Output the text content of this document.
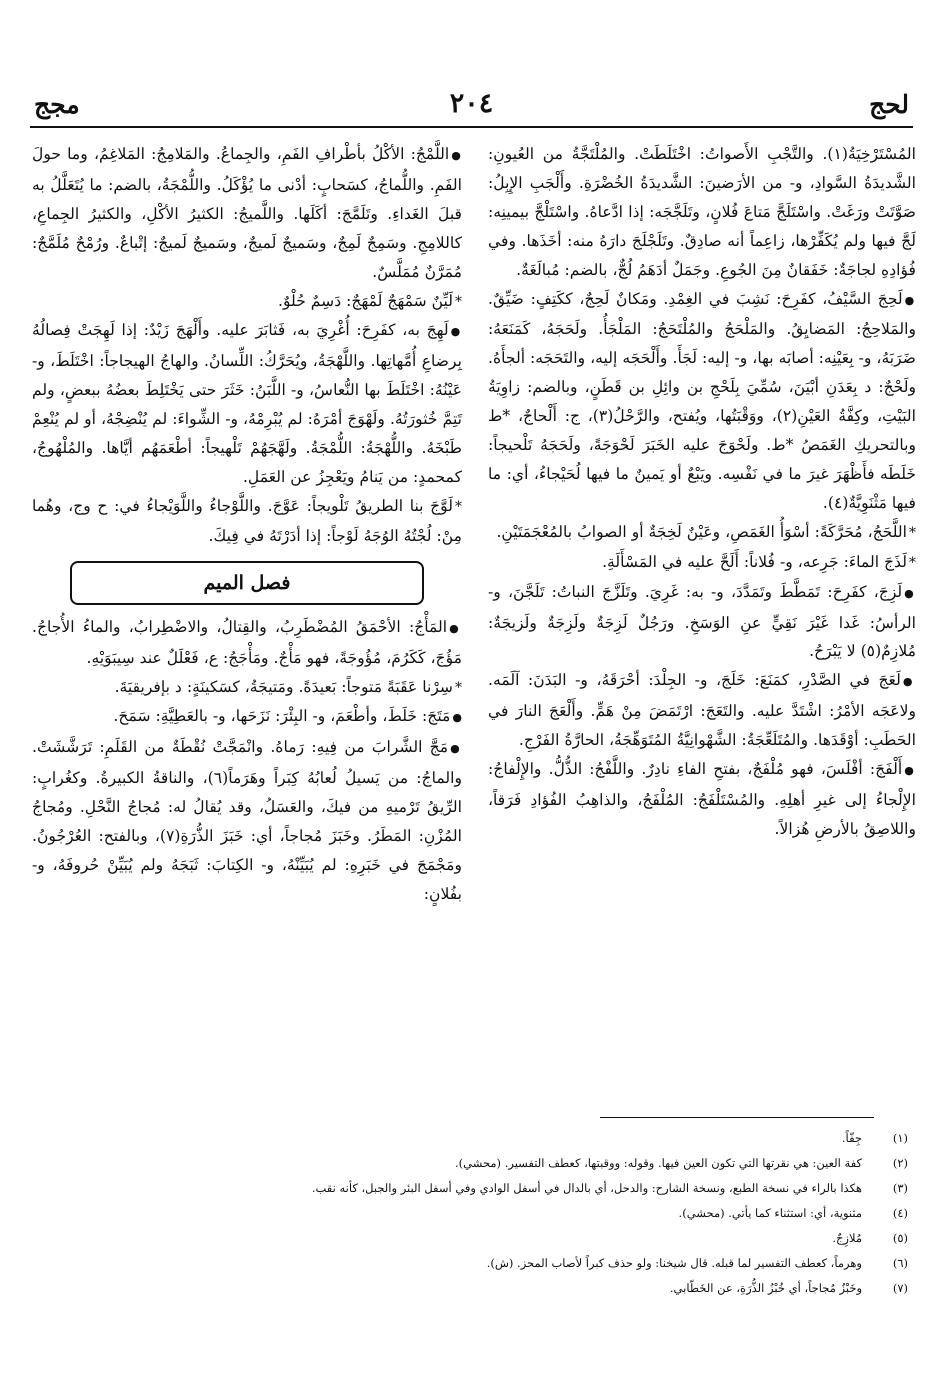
لحج
٢٠٤
مجج

المُسْتَرْخِيَةُ(١). والتَّجْبِ الأَصواتُ: اخْتَلَطَتْ. والمُلْتَجَّةُ من العُيونِ: الشَّديدَةُ السَّوادِ، و- من الأرَضينَ: الشَّديدَةُ الخُضْرَةِ. وأَلْجَبِ الإِبِلُ: صَوَّتَتْ ورَغَتْ. واسْتَلَجَّ مَتاعَ فُلانٍ، وتَلَجَّجَه: إذا ادَّعاهُ. واسْتَلْجَّ بيمينِه: لَجَّ فيها ولم يُكَفِّرْها، زاعِماً أنه صادِقٌ. وتَلَجْلَجَ دارَهُ منه: أخَذَها. وفي فُؤادِهِ لجاجَةٌ: خَفَقانٌ مِنَ الجُوعِ. وجَمَلٌ أدَهَمُ لُجٌّ، بالضم: مُبالَغَةٌ.

● لَحِجَ السَّيْفُ، كفَرِحَ: نَشِبَ في الغِمْدِ. ومَكانٌ لَحِجٌ، ككَتِفٍ: ضَيِّقٌ. والمَلاحِجُ: المَضايِقُ. والمَلْحَجُ والمُلْتَحَجُ: المَلْجَأُ. ولَحَجَهُ، كَمَنَعَهُ: ضَرَبَهُ، و- بِعَيْنِه: أصابَه بها، و- إليه: لَجَأَ. وأَلْحَجَه إليه، والتَحَجَه: ألجأَهُ. ولَحْجٌ: د بِعَدَنِ أبْيَنَ، سُمِّيَ بِلَحْجِ بن وائِلِ بن قَطَنٍ، وبالضم: زاوِيَةُ البَيْتِ، وكِفَّةُ العَيْنِ(٢)، ووَقْبَتُها، ويُفتح، والرَّحْلُ(٣)، ج: أَلْحاجٌ، *ط وبالتحريكِ الغَمَصُ *ط. ولَحْوَجَ عليه الخَبَرَ لَحْوَجَةً، ولَحَجَهُ تَلْحيجاً: خَلَطَه فأَظْهَرَ غيرَ ما في نَفْسِه. ويَبْعٌ أو يَمينٌ ما فيها لُحَيْجاءُ، أي: ما فيها مَثْنَوِيَّةٌ(٤).

* اللَّحَجُ، مُحَرَّكَةً: أسْوَأُ الغَمَصِ، وعَيْنٌ لَخِجَةٌ أو الصوابُ بالمُعْجَمَتَيْنِ.

* لَذَجَ الماءَ: جَرِعه، و- فُلاناً: أَلَحَّ عليه في المَسْأَلَةِ.

● لَزِجَ، كفَرِحَ: تَمَطَّطَ وتَمَدَّدَ، و- به: غَرِيَ. وتَلَزَّجَ النباتُ: تَلَجَّنَ، و- الرأسُ: غَدا غَيْرَ نَقِيٍّ عنِ الوَسَخِ. ورَجُلٌ لَزِجَةٌ ولَزِجَةٌ ولَزيجَةٌ: مُلازِمٌ(٥) لا يَبْرَحُ.

● لَعَجَ في الصَّدْرِ، كمَنَعَ: خَلَجَ، و- الجِلْدَ: أحْرَقَهُ، و- البَدَنَ: آلَمَه. ولاعَجَه الأمْرُ: اشْتَدَّ عليه. والتَعَجَ: ارْتَمَضَ مِنْ هَمٍّ. وأَلْعَجَ النارَ في الحَطَبِ: أوْقَدَها. والمُتَلَعِّجَةُ: الشَّهْوانِيَّةُ المُتَوَهِّجَةُ، الحارَّةُ الفَرْجِ.

● أَلْفَجَ: أفْلَسَ، فهو مُلْفَجٌ، بفتحِ الفاءِ نادِرٌ. واللَّفْجُ: الذُّلُّ. والإِلْفاجُ: الإِلْجاءُ إلى غيرِ أهلِهِ. والمُسْتَلْفَجُ: المُلْفَجُ، والذاهِبُ الفُؤادِ فَرَقاً، واللاصِقُ بالأرضِ هُزالاً.

● اللَّمْجُ: الأكْلُ بأطْرافِ الفَمِ، والجِماعُ. والمَلامِجُ: المَلاغِمُ، وما حولَ الفَمِ. واللُّماجُ، كسَحابٍ: أدْنى ما يُؤْكَلُ. واللُّمْجَةُ، بالضم: ما يُتَعَلَّلُ به قبلَ الغَداءِ. وتَلَمَّجَ: أكَلَها. واللَّميجُ: الكثيرُ الأكْلِ، والكثيرُ الجِماعِ، كاللامِجِ. وسَمِجٌ لَمِجٌ، وسَميجٌ لَميجٌ، وسَميجٌ لَميجٌ: إتْباعٌ. ورُمْحٌ مُلَمَّجٌ: مُمَرَّنٌ مُمَلَّسٌ.

* لَيِّنٌ سَمْهَجٌ لَمْهَجٌ: دَسِمٌ حُلْوٌ.

● لَهِجَ به، كفَرِحَ: أُغْرِيَ به، فَثابَرَ عليه. وأَلْهَجَ زَيْدٌ: إذا لَهِجَتْ فِصالُهُ بِرضاعِ أُمَّهاتِها. واللَّهْجَةُ، ويُحَرَّكُ: اللِّسانُ. والهاجُ الهيجاجاً: اخْتَلَطَ، و- عَيْنُهُ: اخْتَلَطَ بها النُّعاسُ، و- اللَّبَنُ: خَثَرَ حتى يَخْتَلِطَ بعضُهُ ببعضٍ، ولم تَتِمَّ خُثورَتُهُ. ولَهْوَجَ أمْرَهُ: لم يُبْرِمْهُ، و- الشِّواءَ: لم يُنْضِجْهُ، أو لم يُنْعِمْ طَبْخَهُ. واللُّهْجَةُ: اللُّمْجَةُ. ولَهَّجَهُمْ تَلْهيجاً: أطْعَمَهُم أيَّاها. والمُلْهُوجُ، كمحمدٍ: من يَنامُ ويَعْجِزُ عن العَمَلِ.

* لَوَّجَ بنا الطريقُ تَلْويجاً: عَوَّجَ. واللَّوْجاءُ واللَّوَيْجاءُ في: ح وج، وهُما مِنْ: لُجْتُهُ الوُجَهُ لَوْجاً: إذا أدَرْتَهُ في فِيكَ.

فصل الميم

● المَأْجُ: الأحْمَقُ المُضْطَرِبُ، والقِتالُ، والاضْطِرابُ، والماءُ الأُجاجُ. مَؤُجَ، كَكَرُمَ، مُؤُوجَةً، فهو مَأْجٌ. ومَأْجَجُ: ع، فَعْلَلٌ عند سِيبَوَيْهِ.

* سِرْنا عَقَبَةً مَتوجاً: بَعيدَةً. ومَتيجَةُ، كسَكينَةٍ: د بإفريقيَةَ.

● مَتَجَ: خَلَطَ، وأطْعَمَ، و- البِئْرَ: نَزَحَها، و- بالعَطِيَّةِ: سَمَحَ.

● مَجَّ الشَّرابَ من فِيهِ: رَماهُ. وانْمَجَّتْ نُقْطَةٌ من القَلَمِ: تَرَشَّشَتْ. والماجُ: من يَسيلُ لُعابُهُ كِبَراً وهَرَماً(٦)، والناقةُ الكبيرةُ. وكغُرابٍ: الرِّيقُ تَرْميهِ من فيكَ، والعَسَلُ، وقد يُقالُ له: مُجاجُ النَّحْلِ. ومُجاجُ المُزْنِ: المَطَرُ. وخَبَزَ مُجاجاً، أي: خَبَزَ الذُّرَةِ(٧)، وبالفتح: العُرْجُونُ. ومَجْمَجَ في خَبَرِهِ: لم يُبَيِّنْهُ، و- الكِتابَ: ثَبَجَهُ ولم يُبَيِّنْ حُروفَهُ، و- بفُلانٍ:

(١)
جِفّاً.
(٢)
كفة العين: هي نقرتها التي تكون العين فيها. وقوله: ووقبتها، كعطف التفسير. (محشي).
(٣)
هكذا بالراء في نسخة الطبع، ونسخة الشارح: والدحل، أي بالدال في أسفل الوادي وفي أسفل البئر والجبل، كأنه نقب.
(٤)
مثنوية، أي: استثناء كما يأتي. (محشي).
(٥)
مُلازِجٌ.
(٦)
وهرماً، كعطف التفسير لما قبله. قال شيخنا: ولو حذف كبراً لأصاب المحز. (ش).
(٧)
وخَبْزُ مُجاجاً، أي خُبْزُ الذُّرَةِ، عن الخَطّابي.
